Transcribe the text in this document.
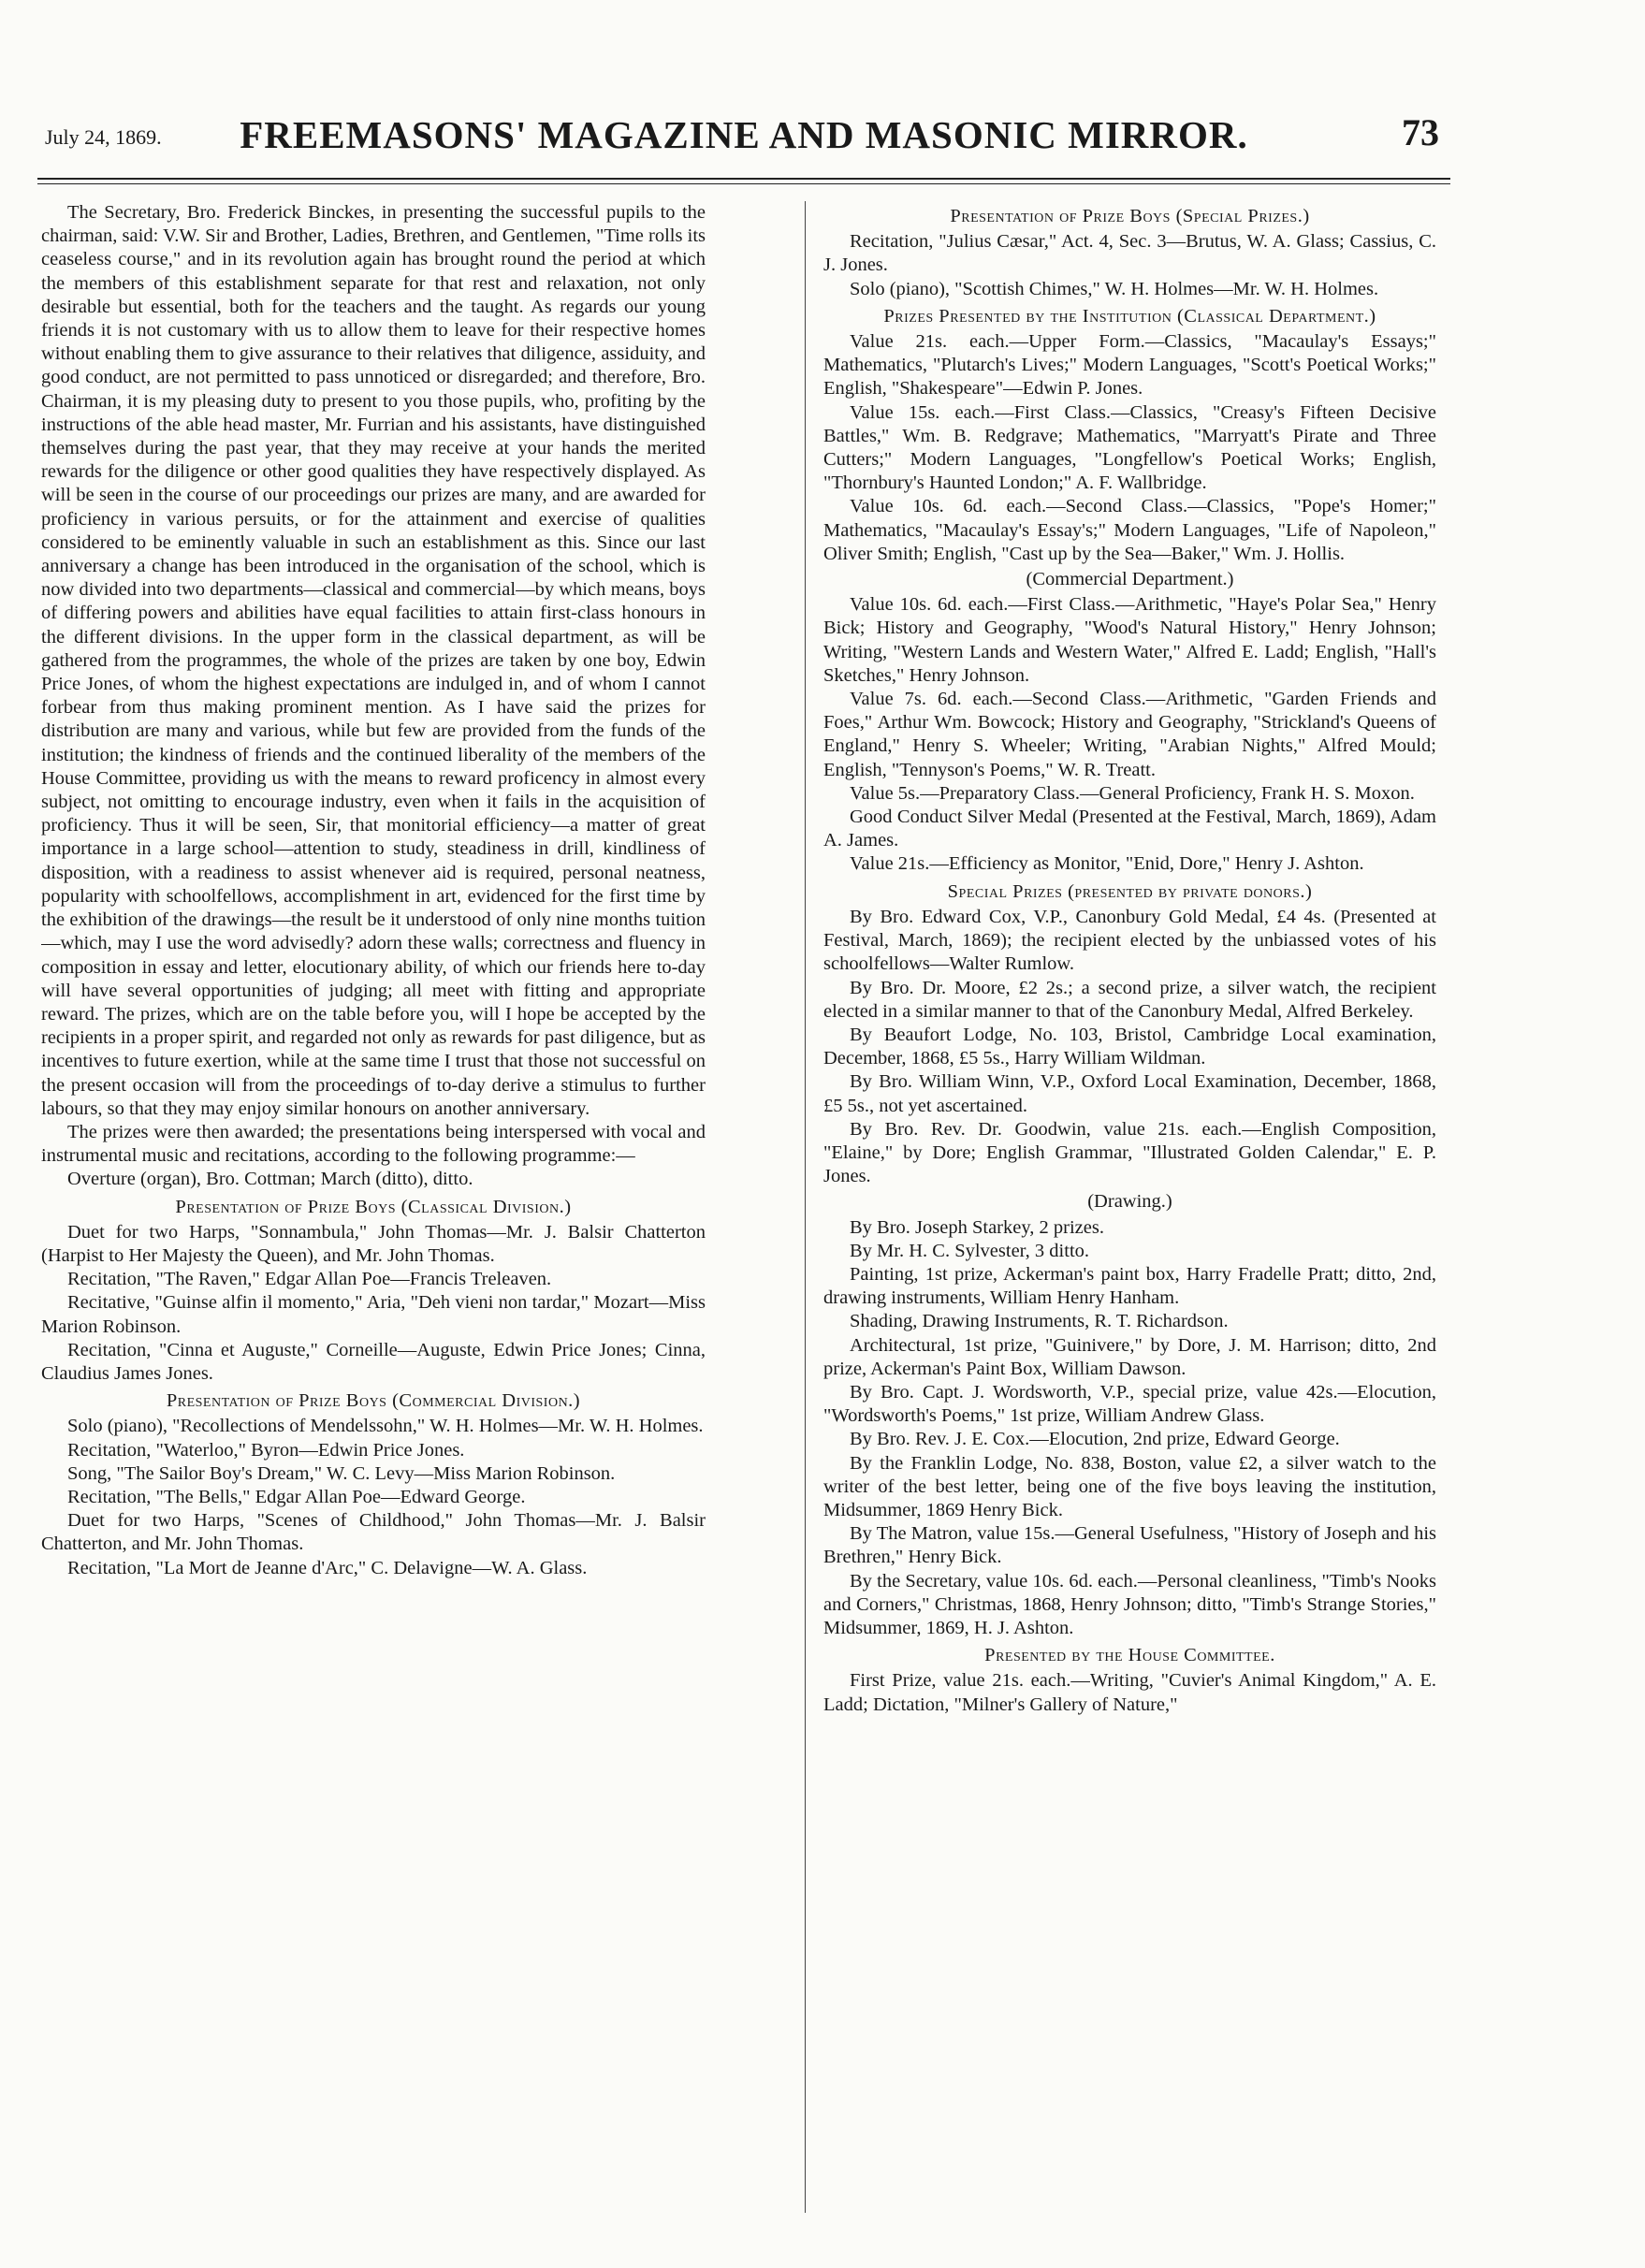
July 24, 1869.	FREEMASONS' MAGAZINE AND MASONIC MIRROR.	73

The Secretary, Bro. Frederick Binckes, in presenting the successful pupils to the chairman, said: V.W. Sir and Brother, Ladies, Brethren, and Gentlemen, "Time rolls its ceaseless course," and in its revolution again has brought round the period at which the members of this establishment separate for that rest and relaxation, not only desirable but essential, both for the teachers and the taught. As regards our young friends it is not customary with us to allow them to leave for their respective homes without enabling them to give assurance to their relatives that diligence, assiduity, and good conduct, are not permitted to pass unnoticed or disregarded; and therefore, Bro. Chairman, it is my pleasing duty to present to you those pupils, who, profiting by the instructions of the able head master, Mr. Furrian and his assistants, have distinguished themselves during the past year, that they may receive at your hands the merited rewards for the diligence or other good qualities they have respectively displayed. As will be seen in the course of our proceedings our prizes are many, and are awarded for proficiency in various persuits, or for the attainment and exercise of qualities considered to be eminently valuable in such an establishment as this. Since our last anniversary a change has been introduced in the organisation of the school, which is now divided into two departments—classical and commercial—by which means, boys of differing powers and abilities have equal facilities to attain first-class honours in the different divisions. In the upper form in the classical department, as will be gathered from the programmes, the whole of the prizes are taken by one boy, Edwin Price Jones, of whom the highest expectations are indulged in, and of whom I cannot forbear from thus making prominent mention. As I have said the prizes for distribution are many and various, while but few are provided from the funds of the institution; the kindness of friends and the continued liberality of the members of the House Committee, providing us with the means to reward proficency in almost every subject, not omitting to encourage industry, even when it fails in the acquisition of proficiency. Thus it will be seen, Sir, that monitorial efficiency—a matter of great importance in a large school—attention to study, steadiness in drill, kindliness of disposition, with a readiness to assist whenever aid is required, personal neatness, popularity with schoolfellows, accomplishment in art, evidenced for the first time by the exhibition of the drawings—the result be it understood of only nine months tuition—which, may I use the word advisedly? adorn these walls; correctness and fluency in composition in essay and letter, elocutionary ability, of which our friends here to-day will have several opportunities of judging; all meet with fitting and appropriate reward. The prizes, which are on the table before you, will I hope be accepted by the recipients in a proper spirit, and regarded not only as rewards for past diligence, but as incentives to future exertion, while at the same time I trust that those not successful on the present occasion will from the proceedings of to-day derive a stimulus to further labours, so that they may enjoy similar honours on another anniversary.

The prizes were then awarded; the presentations being interspersed with vocal and instrumental music and recitations, according to the following programme:—

Overture (organ), Bro. Cottman; March (ditto), ditto.

Presentation of Prize Boys (Classical Division.)

Duet for two Harps, "Sonnambula," John Thomas—Mr. J. Balsir Chatterton (Harpist to Her Majesty the Queen), and Mr. John Thomas.

Recitation, "The Raven," Edgar Allan Poe—Francis Treleaven.

Recitative, "Guinse alfin il momento," Aria, "Deh vieni non tardar," Mozart—Miss Marion Robinson.

Recitation, "Cinna et Auguste," Corneille—Auguste, Edwin Price Jones; Cinna, Claudius James Jones.

Presentation of Prize Boys (Commercial Division.)

Solo (piano), "Recollections of Mendelssohn," W. H. Holmes—Mr. W. H. Holmes.

Recitation, "Waterloo," Byron—Edwin Price Jones.

Song, "The Sailor Boy's Dream," W. C. Levy—Miss Marion Robinson.

Recitation, "The Bells," Edgar Allan Poe—Edward George.

Duet for two Harps, "Scenes of Childhood," John Thomas—Mr. J. Balsir Chatterton, and Mr. John Thomas.

Recitation, "La Mort de Jeanne d'Arc," C. Delavigne—W. A. Glass.

Presentation of Prize Boys (Special Prizes.)

Recitation, "Julius Cæsar," Act. 4, Sec. 3—Brutus, W. A. Glass; Cassius, C. J. Jones.

Solo (piano), "Scottish Chimes," W. H. Holmes—Mr. W. H. Holmes.

Prizes Presented by the Institution (Classical Department.)

Value 21s. each.—Upper Form.—Classics, "Macaulay's Essays;" Mathematics, "Plutarch's Lives;" Modern Languages, "Scott's Poetical Works;" English, "Shakespeare"—Edwin P. Jones.

Value 15s. each.—First Class.—Classics, "Creasy's Fifteen Decisive Battles," Wm. B. Redgrave; Mathematics, "Marryatt's Pirate and Three Cutters;" Modern Languages, "Longfellow's Poetical Works; English, "Thornbury's Haunted London;" A. F. Wallbridge.

Value 10s. 6d. each.—Second Class.—Classics, "Pope's Homer;" Mathematics, "Macaulay's Essay's;" Modern Languages, "Life of Napoleon," Oliver Smith; English, "Cast up by the Sea—Baker," Wm. J. Hollis.

(Commercial Department.)

Value 10s. 6d. each.—First Class.—Arithmetic, "Haye's Polar Sea," Henry Bick; History and Geography, "Wood's Natural History," Henry Johnson; Writing, "Western Lands and Western Water," Alfred E. Ladd; English, "Hall's Sketches," Henry Johnson.

Value 7s. 6d. each.—Second Class.—Arithmetic, "Garden Friends and Foes," Arthur Wm. Bowcock; History and Geography, "Strickland's Queens of England," Henry S. Wheeler; Writing, "Arabian Nights," Alfred Mould; English, "Tennyson's Poems," W. R. Treatt.

Value 5s.—Preparatory Class.—General Proficiency, Frank H. S. Moxon.

Good Conduct Silver Medal (Presented at the Festival, March, 1869), Adam A. James.

Value 21s.—Efficiency as Monitor, "Enid, Dore," Henry J. Ashton.

Special Prizes (presented by private donors.)

By Bro. Edward Cox, V.P., Canonbury Gold Medal, £4 4s. (Presented at Festival, March, 1869); the recipient elected by the unbiassed votes of his schoolfellows—Walter Rumlow.

By Bro. Dr. Moore, £2 2s.; a second prize, a silver watch, the recipient elected in a similar manner to that of the Canonbury Medal, Alfred Berkeley.

By Beaufort Lodge, No. 103, Bristol, Cambridge Local examination, December, 1868, £5 5s., Harry William Wildman.

By Bro. William Winn, V.P., Oxford Local Examination, December, 1868, £5 5s., not yet ascertained.

By Bro. Rev. Dr. Goodwin, value 21s. each.—English Composition, "Elaine," by Dore; English Grammar, "Illustrated Golden Calendar," E. P. Jones.

(Drawing.)

By Bro. Joseph Starkey, 2 prizes.

By Mr. H. C. Sylvester, 3 ditto.

Painting, 1st prize, Ackerman's paint box, Harry Fradelle Pratt; ditto, 2nd, drawing instruments, William Henry Hanham.

Shading, Drawing Instruments, R. T. Richardson.

Architectural, 1st prize, "Guinivere," by Dore, J. M. Harrison; ditto, 2nd prize, Ackerman's Paint Box, William Dawson.

By Bro. Capt. J. Wordsworth, V.P., special prize, value 42s.—Elocution, "Wordsworth's Poems," 1st prize, William Andrew Glass.

By Bro. Rev. J. E. Cox.—Elocution, 2nd prize, Edward George.

By the Franklin Lodge, No. 838, Boston, value £2, a silver watch to the writer of the best letter, being one of the five boys leaving the institution, Midsummer, 1869 Henry Bick.

By The Matron, value 15s.—General Usefulness, "History of Joseph and his Brethren," Henry Bick.

By the Secretary, value 10s. 6d. each.—Personal cleanliness, "Timb's Nooks and Corners," Christmas, 1868, Henry Johnson; ditto, "Timb's Strange Stories," Midsummer, 1869, H. J. Ashton.

Presented by the House Committee.

First Prize, value 21s. each.—Writing, "Cuvier's Animal Kingdom," A. E. Ladd; Dictation, "Milner's Gallery of Nature,"
